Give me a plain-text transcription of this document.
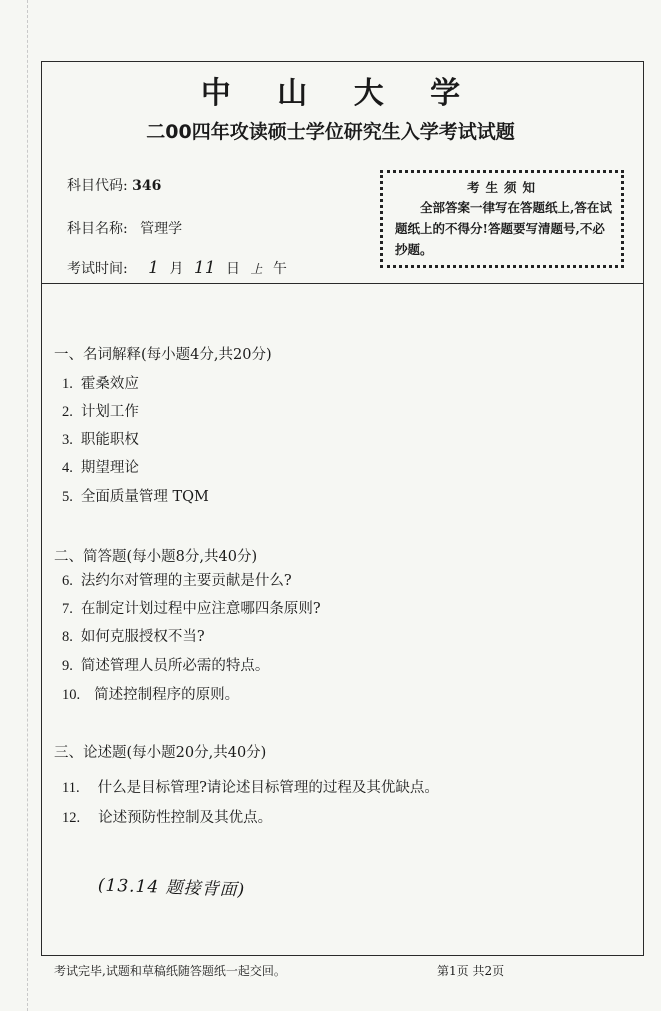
中 山 大 学
二00四年攻读硕士学位研究生入学考试试题
科目代码: 346
科目名称: 管理学
考试时间: 1 月 11 日 上 午
考生须知
全部答案一律写在答题纸上,答在试题纸上的不得分!答题要写清题号,不必抄题。
一、名词解释(每小题4分,共20分)
1. 霍桑效应
2. 计划工作
3. 职能职权
4. 期望理论
5. 全面质量管理 TQM
二、简答题(每小题8分,共40分)
6. 法约尔对管理的主要贡献是什么?
7. 在制定计划过程中应注意哪四条原则?
8. 如何克服授权不当?
9. 简述管理人员所必需的特点。
10. 简述控制程序的原则。
三、论述题(每小题20分,共40分)
11. 什么是目标管理?请论述目标管理的过程及其优缺点。
12. 论述预防性控制及其优点。
(13.14 题接背面)
考试完毕,试题和草稿纸随答题纸一起交回。	第1页 共2页
